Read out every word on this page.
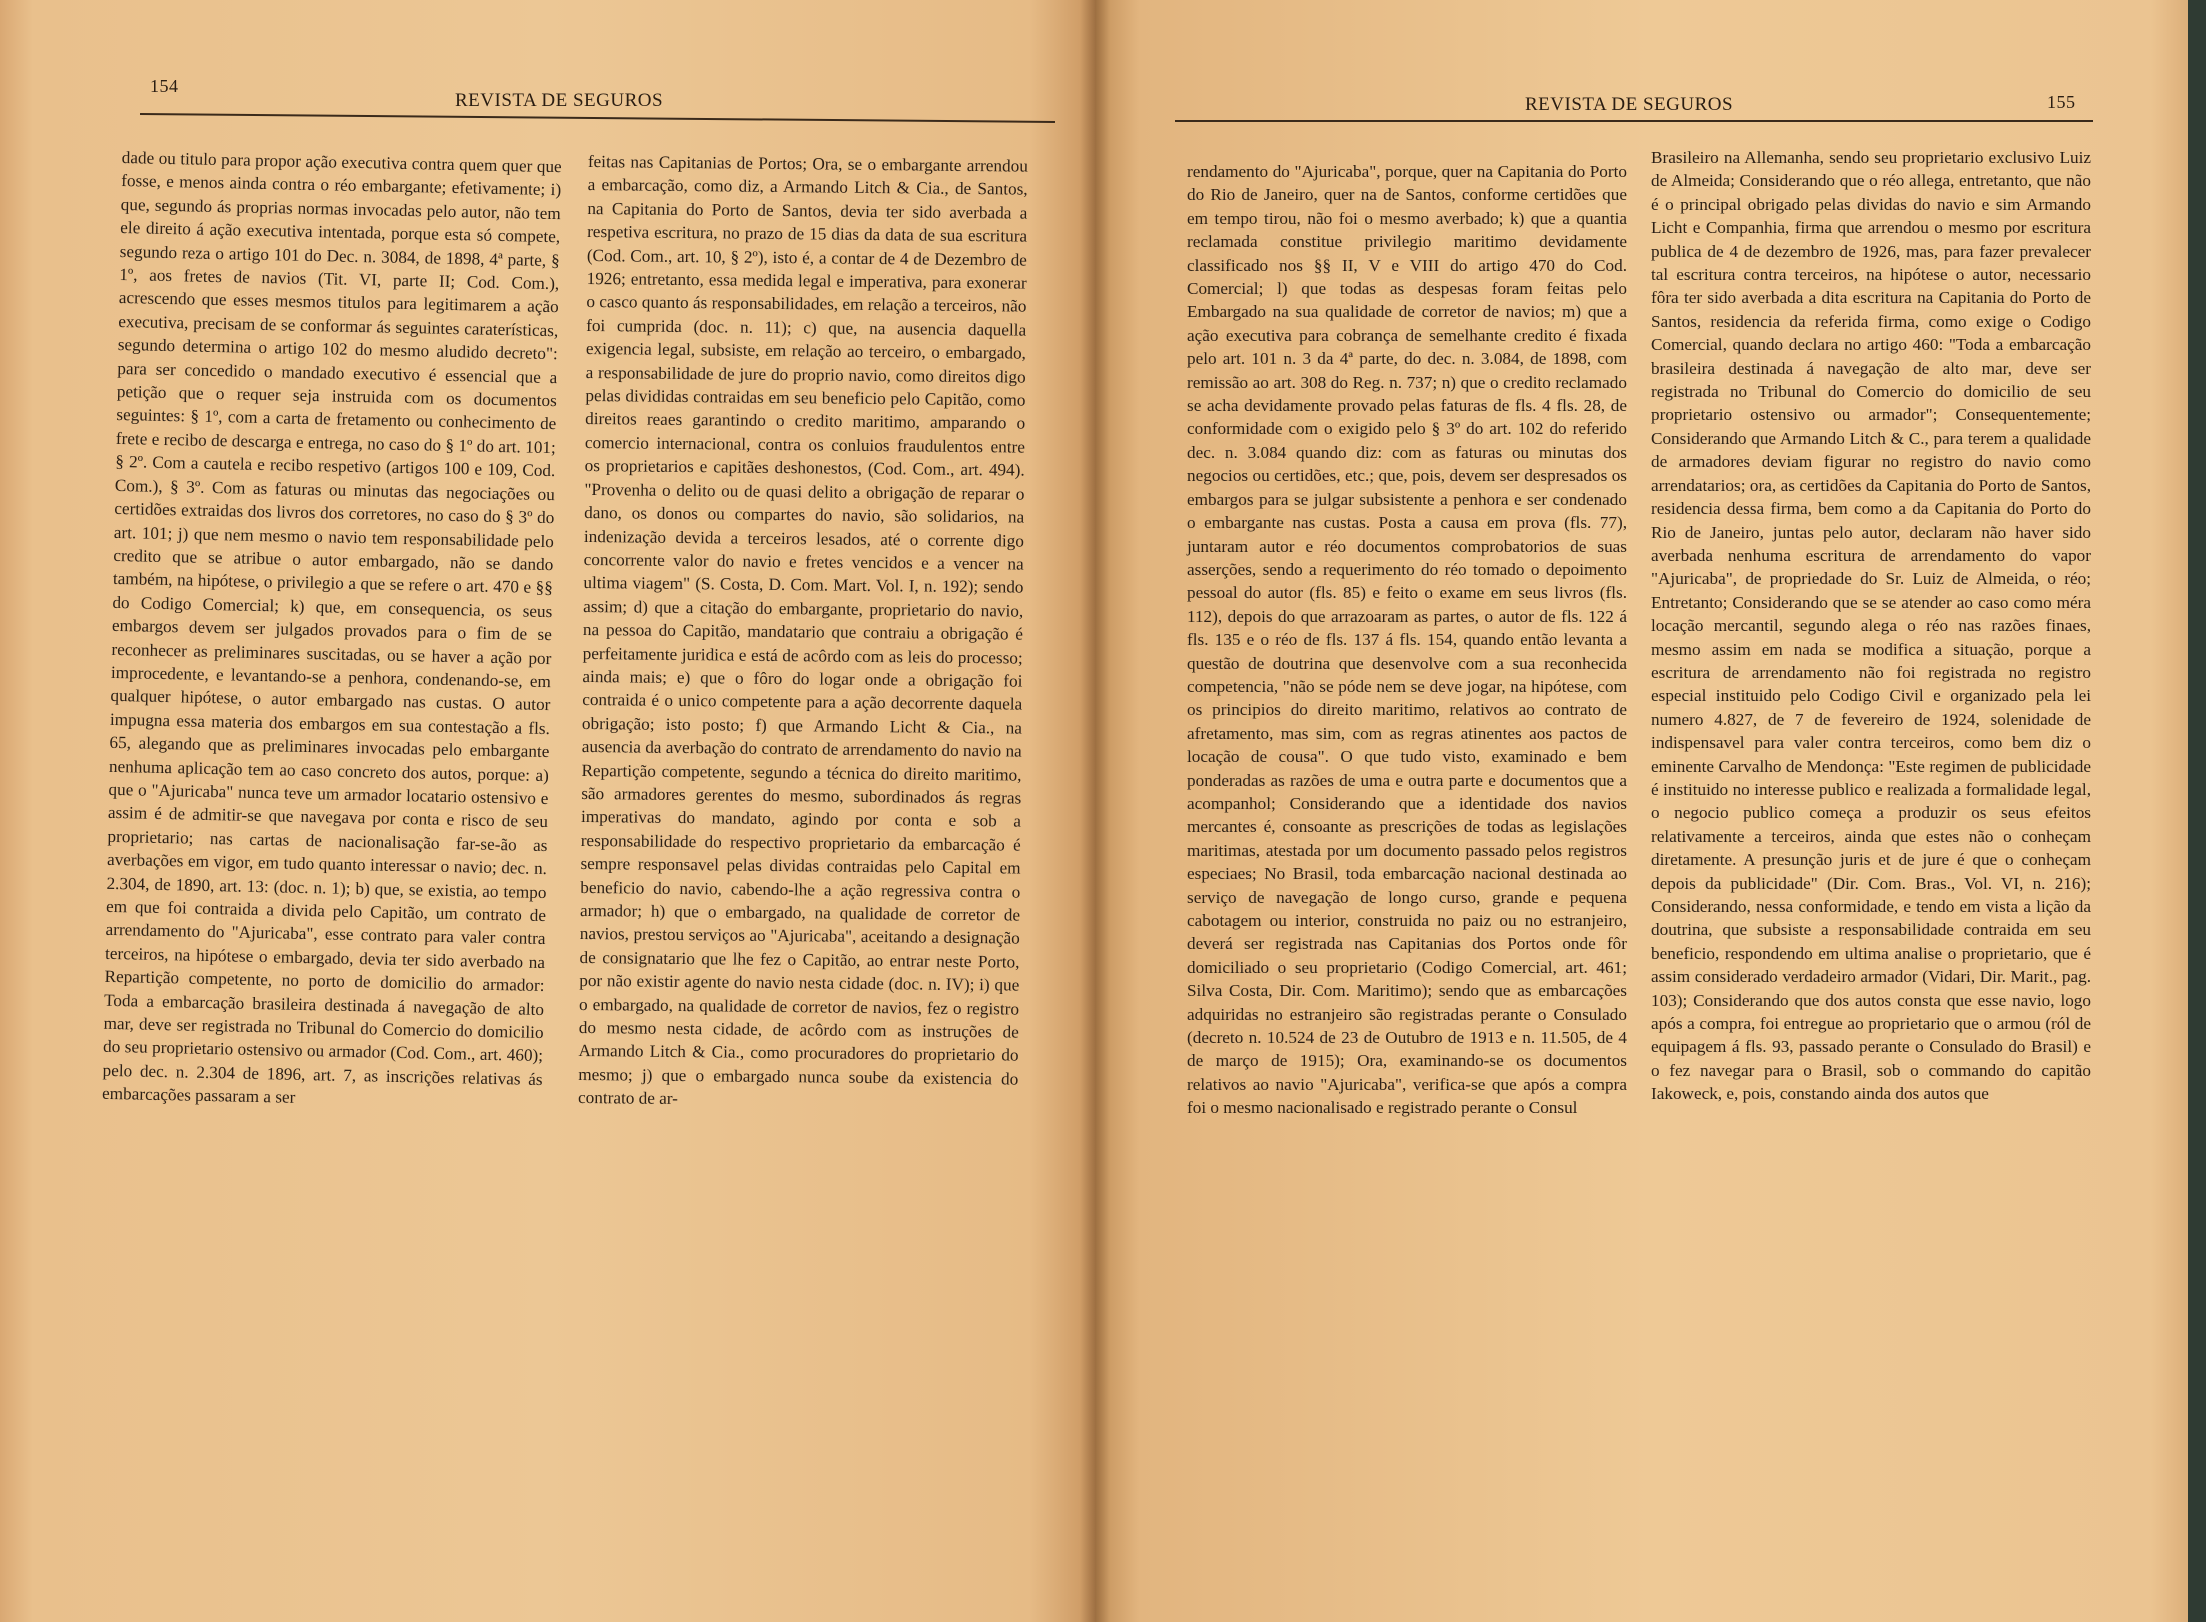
154
REVISTA DE SEGUROS

dade ou titulo para propor ação executiva contra quem quer que fosse, e menos ainda contra o réo embargante; efetivamente; i) que, segundo ás proprias normas invocadas pelo autor, não tem ele direito á ação executiva intentada, porque esta só compete, segundo reza o artigo 101 do Dec. n. 3084, de 1898, 4ª parte, § 1º, aos fretes de navios (Tit. VI, parte II; Cod. Com.), acrescendo que esses mesmos titulos para legitimarem a ação executiva, precisam de se conformar ás seguintes caraterísticas, segundo determina o artigo 102 do mesmo aludido decreto": para ser concedido o mandado executivo é essencial que a petição que o requer seja instruida com os documentos seguintes: § 1º, com a carta de fretamento ou conhecimento de frete e recibo de descarga e entrega, no caso do § 1º do art. 101; § 2º. Com a cautela e recibo respetivo (artigos 100 e 109, Cod. Com.), § 3º. Com as faturas ou minutas das negociações ou certidões extraidas dos livros dos corretores, no caso do § 3º do art. 101; j) que nem mesmo o navio tem responsabilidade pelo credito que se atribue o autor embargado, não se dando também, na hipótese, o privilegio a que se refere o art. 470 e §§ do Codigo Comercial; k) que, em consequencia, os seus embargos devem ser julgados provados para o fim de se reconhecer as preliminares suscitadas, ou se haver a ação por improcedente, e levantando-se a penhora, condenando-se, em qualquer hipótese, o autor embargado nas custas. O autor impugna essa materia dos embargos em sua contestação a fls. 65, alegando que as preliminares invocadas pelo embargante nenhuma aplicação tem ao caso concreto dos autos, porque: a) que o "Ajuricaba" nunca teve um armador locatario ostensivo e assim é de admitir-se que navegava por conta e risco de seu proprietario; nas cartas de nacionalisação far-se-ão as averbações em vigor, em tudo quanto interessar o navio; dec. n. 2.304, de 1890, art. 13: (doc. n. 1); b) que, se existia, ao tempo em que foi contraida a divida pelo Capitão, um contrato de arrendamento do "Ajuricaba", esse contrato para valer contra terceiros, na hipótese o embargado, devia ter sido averbado na Repartição competente, no porto de domicilio do armador: Toda a embarcação brasileira destinada á navegação de alto mar, deve ser registrada no Tribunal do Comercio do domicilio do seu proprietario ostensivo ou armador (Cod. Com., art. 460); pelo dec. n. 2.304 de 1896, art. 7, as inscrições relativas ás embarcações passaram a ser

feitas nas Capitanias de Portos; Ora, se o embargante arrendou a embarcação, como diz, a Armando Litch & Cia., de Santos, na Capitania do Porto de Santos, devia ter sido averbada a respetiva escritura, no prazo de 15 dias da data de sua escritura (Cod. Com., art. 10, § 2º), isto é, a contar de 4 de Dezembro de 1926; entretanto, essa medida legal e imperativa, para exonerar o casco quanto ás responsabilidades, em relação a terceiros, não foi cumprida (doc. n. 11); c) que, na ausencia daquella exigencia legal, subsiste, em relação ao terceiro, o embargado, a responsabilidade de jure do proprio navio, como direitos digo pelas divididas contraidas em seu beneficio pelo Capitão, como direitos reaes garantindo o credito maritimo, amparando o comercio internacional, contra os conluios fraudulentos entre os proprietarios e capitães deshonestos, (Cod. Com., art. 494). "Provenha o delito ou de quasi delito a obrigação de reparar o dano, os donos ou compartes do navio, são solidarios, na indenização devida a terceiros lesados, até o corrente digo concorrente valor do navio e fretes vencidos e a vencer na ultima viagem" (S. Costa, D. Com. Mart. Vol. I, n. 192); sendo assim; d) que a citação do embargante, proprietario do navio, na pessoa do Capitão, mandatario que contraiu a obrigação é perfeitamente juridica e está de acôrdo com as leis do processo; ainda mais; e) que o fôro do logar onde a obrigação foi contraida é o unico competente para a ação decorrente daquela obrigação; isto posto; f) que Armando Licht & Cia., na ausencia da averbação do contrato de arrendamento do navio na Repartição competente, segundo a técnica do direito maritimo, são armadores gerentes do mesmo, subordinados ás regras imperativas do mandato, agindo por conta e sob a responsabilidade do respectivo proprietario da embarcação é sempre responsavel pelas dividas contraidas pelo Capital em beneficio do navio, cabendo-lhe a ação regressiva contra o armador; h) que o embargado, na qualidade de corretor de navios, prestou serviços ao "Ajuricaba", aceitando a designação de consignatario que lhe fez o Capitão, ao entrar neste Porto, por não existir agente do navio nesta cidade (doc. n. IV); i) que o embargado, na qualidade de corretor de navios, fez o registro do mesmo nesta cidade, de acôrdo com as instruções de Armando Litch & Cia., como procuradores do proprietario do mesmo; j) que o embargado nunca soube da existencia do contrato de ar-

REVISTA DE SEGUROS	155

rendamento do "Ajuricaba", porque, quer na Capitania do Porto do Rio de Janeiro, quer na de Santos, conforme certidões que em tempo tirou, não foi o mesmo averbado; k) que a quantia reclamada constitue privilegio maritimo devidamente classificado nos §§ II, V e VIII do artigo 470 do Cod. Comercial; l) que todas as despesas foram feitas pelo Embargado na sua qualidade de corretor de navios; m) que a ação executiva para cobrança de semelhante credito é fixada pelo art. 101 n. 3 da 4ª parte, do dec. n. 3.084, de 1898, com remissão ao art. 308 do Reg. n. 737; n) que o credito reclamado se acha devidamente provado pelas faturas de fls. 4 fls. 28, de conformidade com o exigido pelo § 3º do art. 102 do referido dec. n. 3.084 quando diz: com as faturas ou minutas dos negocios ou certidões, etc.; que, pois, devem ser despresados os embargos para se julgar subsistente a penhora e ser condenado o embargante nas custas. Posta a causa em prova (fls. 77), juntaram autor e réo documentos comprobatorios de suas asserções, sendo a requerimento do réo tomado o depoimento pessoal do autor (fls. 85) e feito o exame em seus livros (fls. 112), depois do que arrazoaram as partes, o autor de fls. 122 á fls. 135 e o réo de fls. 137 á fls. 154, quando então levanta a questão de doutrina que desenvolve com a sua reconhecida competencia, "não se póde nem se deve jogar, na hipótese, com os principios do direito maritimo, relativos ao contrato de afretamento, mas sim, com as regras atinentes aos pactos de locação de cousa". O que tudo visto, examinado e bem ponderadas as razões de uma e outra parte e documentos que a acompanhol; Considerando que a identidade dos navios mercantes é, consoante as prescrições de todas as legislações maritimas, atestada por um documento passado pelos registros especiaes; No Brasil, toda embarcação nacional destinada ao serviço de navegação de longo curso, grande e pequena cabotagem ou interior, construida no paiz ou no estranjeiro, deverá ser registrada nas Capitanias dos Portos onde fôr domiciliado o seu proprietario (Codigo Comercial, art. 461; Silva Costa, Dir. Com. Maritimo); sendo que as embarcações adquiridas no estranjeiro são registradas perante o Consulado (decreto n. 10.524 de 23 de Outubro de 1913 e n. 11.505, de 4 de março de 1915); Ora, examinando-se os documentos relativos ao navio "Ajuricaba", verifica-se que após a compra foi o mesmo nacionalisado e registrado perante o Consul

Brasileiro na Allemanha, sendo seu proprietario exclusivo Luiz de Almeida; Considerando que o réo allega, entretanto, que não é o principal obrigado pelas dividas do navio e sim Armando Licht e Companhia, firma que arrendou o mesmo por escritura publica de 4 de dezembro de 1926, mas, para fazer prevalecer tal escritura contra terceiros, na hipótese o autor, necessario fôra ter sido averbada a dita escritura na Capitania do Porto de Santos, residencia da referida firma, como exige o Codigo Comercial, quando declara no artigo 460: "Toda a embarcação brasileira destinada á navegação de alto mar, deve ser registrada no Tribunal do Comercio do domicilio de seu proprietario ostensivo ou armador"; Consequentemente; Considerando que Armando Litch & C., para terem a qualidade de armadores deviam figurar no registro do navio como arrendatarios; ora, as certidões da Capitania do Porto de Santos, residencia dessa firma, bem como a da Capitania do Porto do Rio de Janeiro, juntas pelo autor, declaram não haver sido averbada nenhuma escritura de arrendamento do vapor "Ajuricaba", de propriedade do Sr. Luiz de Almeida, o réo; Entretanto; Considerando que se se atender ao caso como méra locação mercantil, segundo alega o réo nas razões finaes, mesmo assim em nada se modifica a situação, porque a escritura de arrendamento não foi registrada no registro especial instituido pelo Codigo Civil e organizado pela lei numero 4.827, de 7 de fevereiro de 1924, solenidade de indispensavel para valer contra terceiros, como bem diz o eminente Carvalho de Mendonça: "Este regimen de publicidade é instituido no interesse publico e realizada a formalidade legal, o negocio publico começa a produzir os seus efeitos relativamente a terceiros, ainda que estes não o conheçam diretamente. A presunção juris et de jure é que o conheçam depois da publicidade" (Dir. Com. Bras., Vol. VI, n. 216); Considerando, nessa conformidade, e tendo em vista a lição da doutrina, que subsiste a responsabilidade contraida em seu beneficio, respondendo em ultima analise o proprietario, que é assim considerado verdadeiro armador (Vidari, Dir. Marit., pag. 103); Considerando que dos autos consta que esse navio, logo após a compra, foi entregue ao proprietario que o armou (ról de equipagem á fls. 93, passado perante o Consulado do Brasil) e o fez navegar para o Brasil, sob o commando do capitão Iakoweck, e, pois, constando ainda dos autos que
